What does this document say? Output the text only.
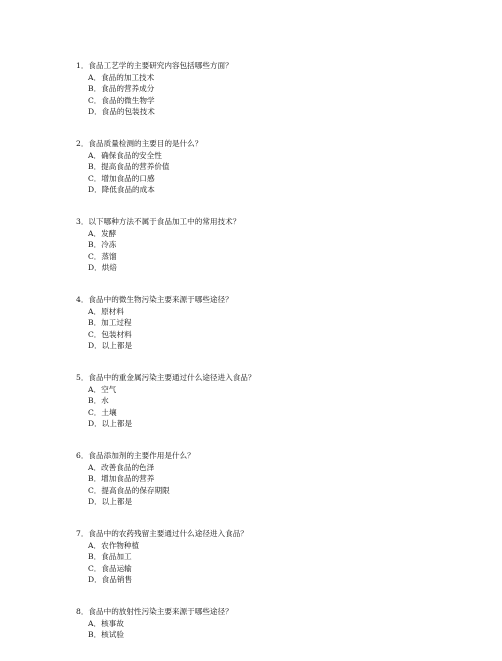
1．食品工艺学的主要研究内容包括哪些方面？
A．食品的加工技术
B．食品的营养成分
C．食品的微生物学
D．食品的包装技术
2．食品质量检测的主要目的是什么？
A．确保食品的安全性
B．提高食品的营养价值
C．增加食品的口感
D．降低食品的成本
3．以下哪种方法不属于食品加工中的常用技术？
A．发酵
B．冷冻
C．蒸馏
D．烘焙
4．食品中的微生物污染主要来源于哪些途径？
A．原材料
B．加工过程
C．包装材料
D．以上都是
5．食品中的重金属污染主要通过什么途径进入食品？
A．空气
B．水
C．土壤
D．以上都是
6．食品添加剂的主要作用是什么？
A．改善食品的色泽
B．增加食品的营养
C．提高食品的保存期限
D．以上都是
7．食品中的农药残留主要通过什么途径进入食品？
A．农作物种植
B．食品加工
C．食品运输
D．食品销售
8．食品中的放射性污染主要来源于哪些途径？
A．核事故
B．核试验
